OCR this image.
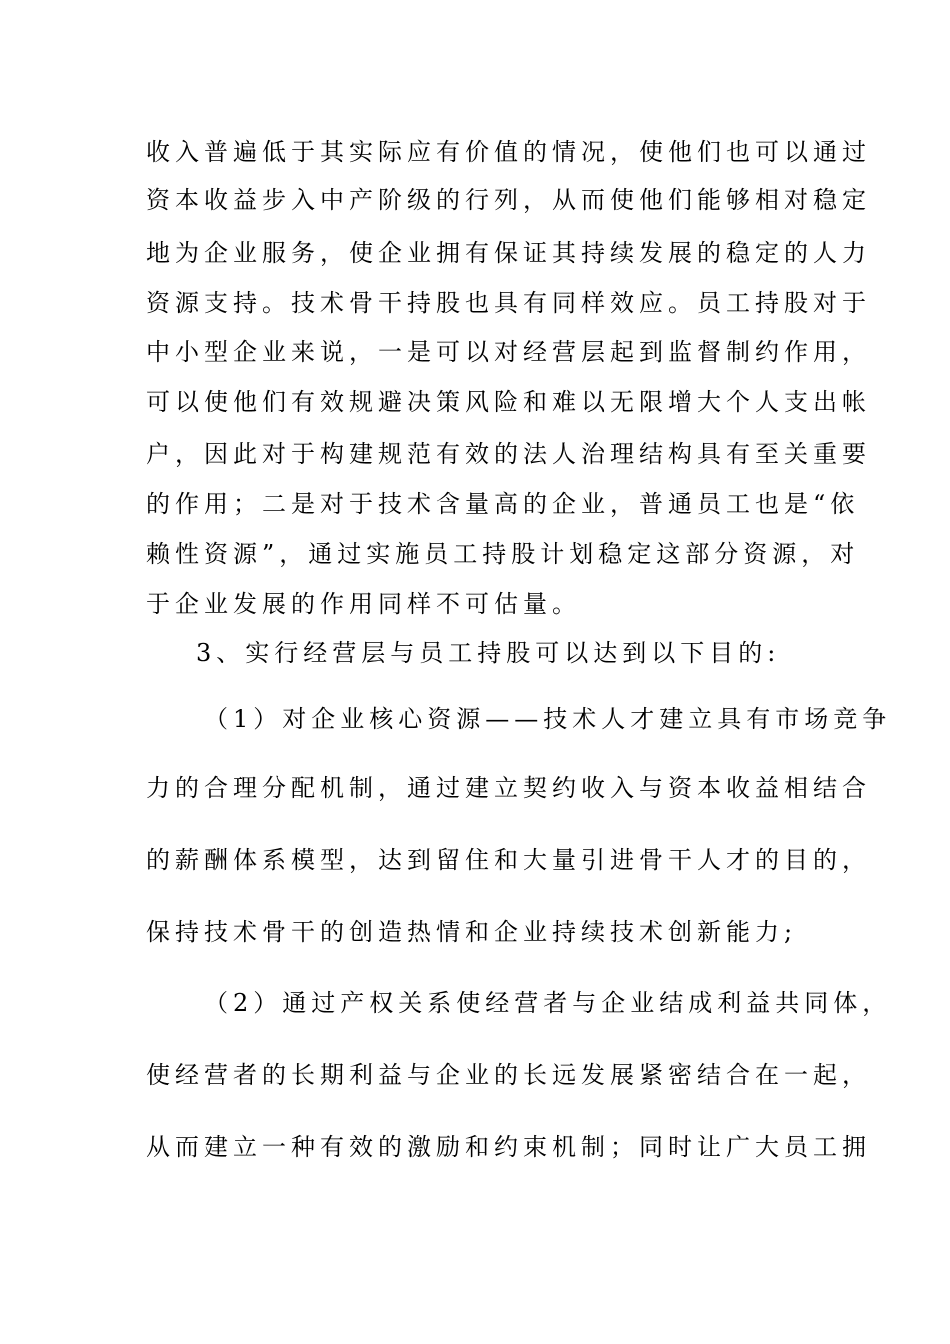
收入普遍低于其实际应有价值的情况，使他们也可以通过
资本收益步入中产阶级的行列，从而使他们能够相对稳定
地为企业服务，使企业拥有保证其持续发展的稳定的人力
资源支持。技术骨干持股也具有同样效应。员工持股对于
中小型企业来说，一是可以对经营层起到监督制约作用，
可以使他们有效规避决策风险和难以无限增大个人支出帐
户，因此对于构建规范有效的法人治理结构具有至关重要
的作用；二是对于技术含量高的企业，普通员工也是“依
赖性资源”，通过实施员工持股计划稳定这部分资源，对
于企业发展的作用同样不可估量。
3、实行经营层与员工持股可以达到以下目的:
（1）对企业核心资源——技术人才建立具有市场竞争
力的合理分配机制，通过建立契约收入与资本收益相结合
的薪酬体系模型，达到留住和大量引进骨干人才的目的，
保持技术骨干的创造热情和企业持续技术创新能力;
（2）通过产权关系使经营者与企业结成利益共同体，
使经营者的长期利益与企业的长远发展紧密结合在一起，
从而建立一种有效的激励和约束机制；同时让广大员工拥
